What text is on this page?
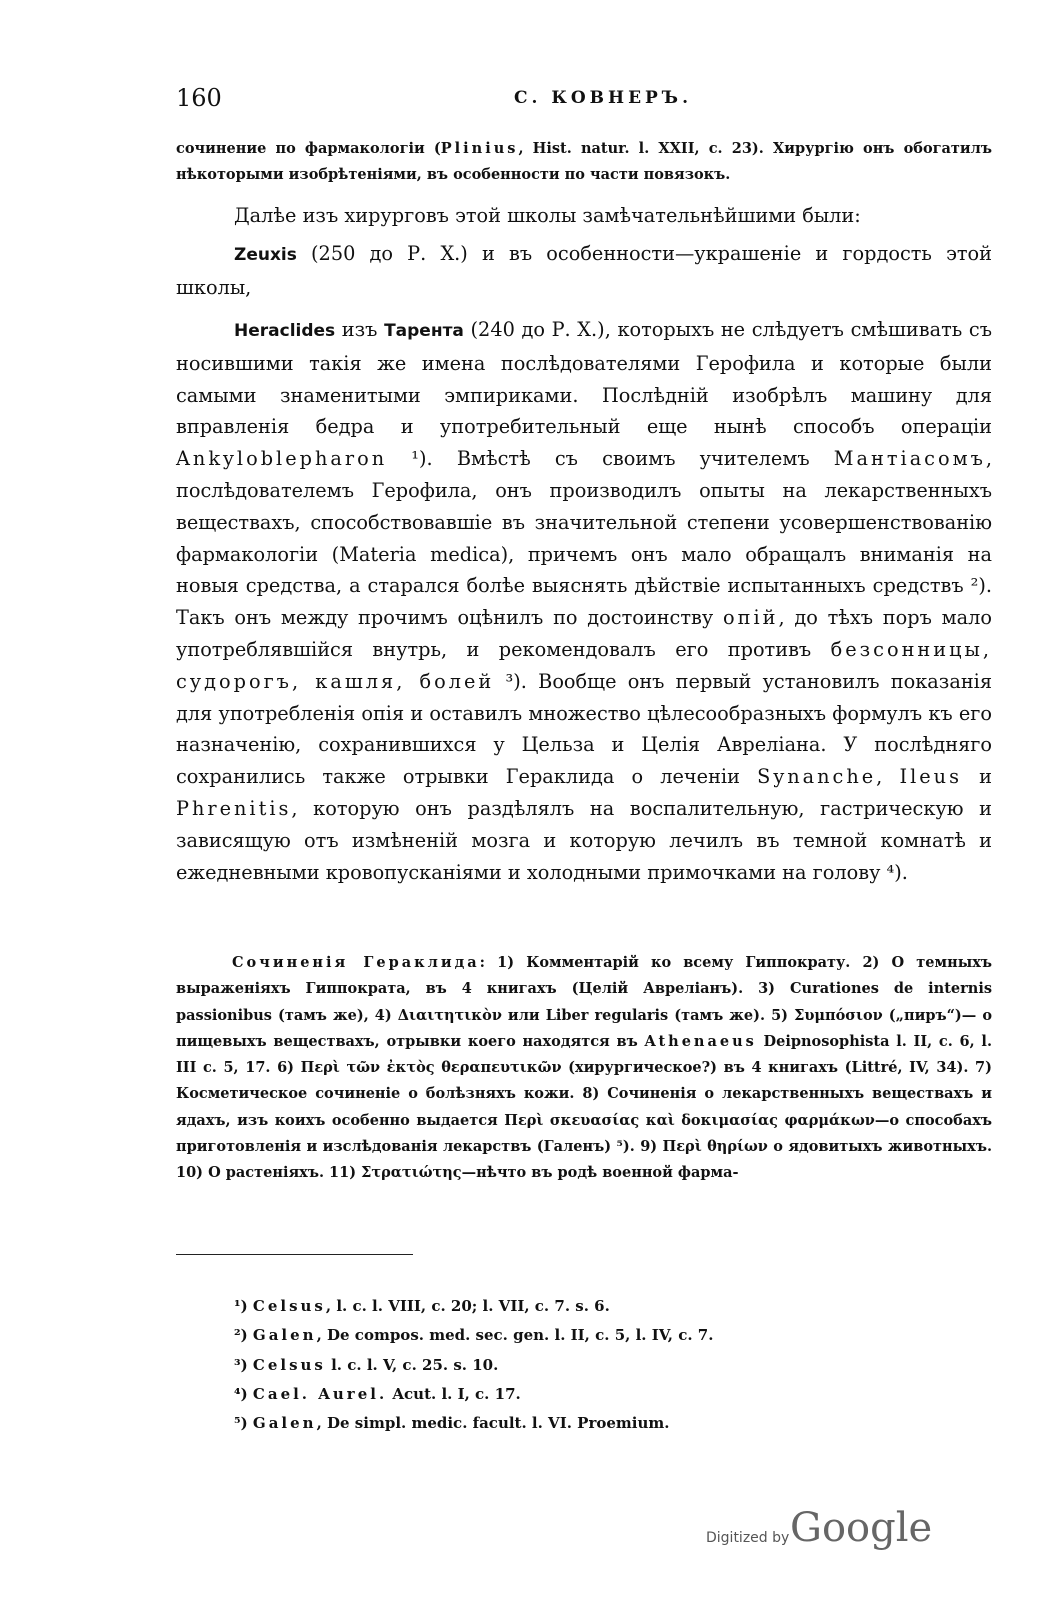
160	С. КОВНЕРЪ.
сочинение по фармакологіи (Plinius, Hist. natur. l. XXII, c. 23). Хирургію онъ обогатилъ нѣкоторыми изобрѣтеніями, въ особенности по части повязокъ.
Далѣе изъ хирурговъ этой школы замѣчательнѣйшими были:
Zeuxis (250 до Р. Х.) и въ особенности—украшеніе и гордость этой школы,
Heraclides изъ Тарента (240 до Р. Х.), которыхъ не слѣдуетъ смѣшивать съ носившими такія же имена послѣдователями Герофила и которые были самыми знаменитыми эмпириками. Послѣдній изобрѣлъ машину для вправленія бедра и употребительный еще нынѣ способъ операціи Ankyloblepharon ¹). Вмѣстѣ съ своимъ учителемъ Мантіасомъ, послѣдователемъ Герофила, онъ производилъ опыты на лекарственныхъ веществахъ, способствовавшіе въ значительной степени усовершенствованію фармакологіи (Materia medica), причемъ онъ мало обращалъ вниманія на новыя средства, а старался болѣе выяснять дѣйствіе испытанныхъ средствъ ²). Такъ онъ между прочимъ оцѣнилъ по достоинству опій, до тѣхъ поръ мало употреблявшійся внутрь, и рекомендовалъ его противъ безсонницы, судорогъ, кашля, болей ³). Вообще онъ первый установилъ показанія для употребленія опія и оставилъ множество цѣлесообразныхъ формулъ къ его назначенію, сохранившихся у Цельза и Целія Авреліана. У послѣдняго сохранились также отрывки Гераклида о леченіи Synanche, Ileus и Phrenitis, которую онъ раздѣлялъ на воспалительную, гастрическую и зависящую отъ измѣненій мозга и которую лечилъ въ темной комнатѣ и ежедневными кровопусканіями и холодными примочками на голову ⁴).
Сочиненія Гераклида: 1) Комментарій ко всему Гиппократу. 2) О темныхъ выраженіяхъ Гиппократа, въ 4 книгахъ (Целій Авреліанъ). 3) Curationes de internis passionibus (тамъ же), 4) Διαιτητικὸν или Liber regularis (тамъ же). 5) Συμπόσιον („пиръ“)— о пищевыхъ веществахъ, отрывки коего находятся въ Athenaeus Deipnosophista l. II, c. 6, l. III c. 5, 17. 6) Περὶ τῶν ἐκτὸς θεραπευτικῶν (хирургическое?) въ 4 книгахъ (Littré, IV, 34). 7) Косметическое сочиненіе о болѣзняхъ кожи. 8) Сочиненія о лекарственныхъ веществахъ и ядахъ, изъ коихъ особенно выдается Περὶ σκευασίας καὶ δοκιμασίας φαρμάκων—о способахъ приготовленія и изслѣдованія лекарствъ (Галенъ) ⁵). 9) Περὶ θηρίων о ядовитыхъ животныхъ. 10) О растеніяхъ. 11) Στρατιώτης—нѣчто въ родѣ военной фарма-
¹) Celsus, l. c. l. VIII, c. 20; l. VII, c. 7. s. 6.
²) Galen, De compos. med. sec. gen. l. II, c. 5, l. IV, c. 7.
³) Celsus l. c. l. V, c. 25. s. 10.
⁴) Cael. Aurel. Acut. l. I, c. 17.
⁵) Galen, De simpl. medic. facult. l. VI. Proemium.
Digitized by Google
